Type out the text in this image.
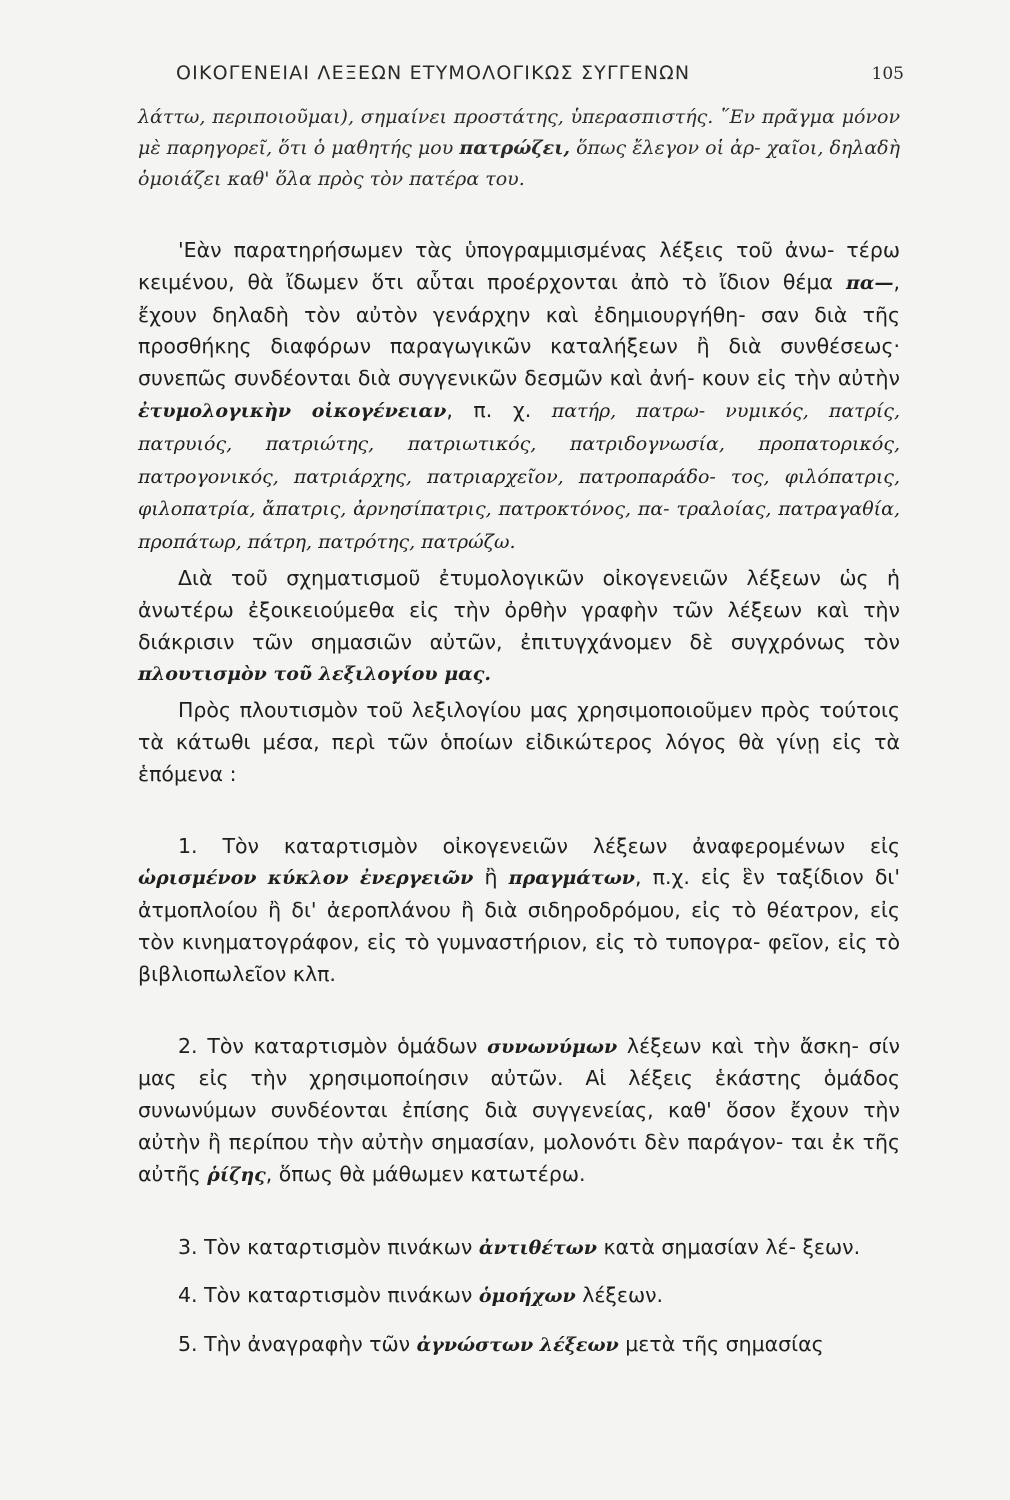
ΟΙΚΟΓΕΝΕΙΑΙ ΛΕΞΕΩΝ ΕΤΥΜΟΛΟΓΙΚΩΣ ΣΥΓΓΕΝΩΝ	105
λάττω, περιποιοῦμαι), σημαίνει προστάτης, ὑπερασπιστής. ῞Εν πρᾶγμα μόνον μὲ παρηγορεῖ, ὅτι ὁ μαθητής μου πατρώζει, ὅπως ἔλεγον οἱ ἀρ- χαῖοι, δηλαδὴ ὁμοιάζει καθ' ὅλα πρὸς τὸν πατέρα του.
'Εὰν παρατηρήσωμεν τὰς ὑπογραμμισμένας λέξεις τοῦ ἀνω- τέρω κειμένου, θὰ ἴδωμεν ὅτι αὗται προέρχονται ἀπὸ τὸ ἴδιον θέμα πα—, ἔχουν δηλαδὴ τὸν αὐτὸν γενάρχην καὶ ἐδημιουργήθη- σαν διὰ τῆς προσθήκης διαφόρων παραγωγικῶν καταλήξεων ἢ διὰ συνθέσεως· συνεπῶς συνδέονται διὰ συγγενικῶν δεσμῶν καὶ ἀνή- κουν εἰς τὴν αὐτὴν ἐτυμολογικὴν οἰκογένειαν, π. χ. πατήρ, πατρω- νυμικός, πατρίς, πατρυιός, πατριώτης, πατριωτικός, πατριδογνωσία, προπατορικός, πατρογονικός, πατριάρχης, πατριαρχεῖον, πατροπαράδο- τος, φιλόπατρις, φιλοπατρία, ἄπατρις, ἀρνησίπατρις, πατροκτόνος, πα- τραλοίας, πατραγαθία, προπάτωρ, πάτρη, πατρότης, πατρώζω.
Διὰ τοῦ σχηματισμοῦ ἐτυμολογικῶν οἰκογενειῶν λέξεων ὡς ἡ ἀνωτέρω ἐξοικειούμεθα εἰς τὴν ὀρθὴν γραφὴν τῶν λέξεων καὶ τὴν διάκρισιν τῶν σημασιῶν αὐτῶν, ἐπιτυγχάνομεν δὲ συγχρόνως τὸν πλουτισμὸν τοῦ λεξιλογίου μας.
Πρὸς πλουτισμὸν τοῦ λεξιλογίου μας χρησιμοποιοῦμεν πρὸς τούτοις τὰ κάτωθι μέσα, περὶ τῶν ὁποίων εἰδικώτερος λόγος θὰ γίνῃ εἰς τὰ ἑπόμενα :
1. Τὸν καταρτισμὸν οἰκογενειῶν λέξεων ἀναφερομένων εἰς ὡρισμένον κύκλον ἐνεργειῶν ἢ πραγμάτων, π.χ. εἰς ἓν ταξίδιον δι' ἀτμοπλοίου ἢ δι' ἀεροπλάνου ἢ διὰ σιδηροδρόμου, εἰς τὸ θέατρον, εἰς τὸν κινηματογράφον, εἰς τὸ γυμναστήριον, εἰς τὸ τυπογρα- φεῖον, εἰς τὸ βιβλιοπωλεῖον κλπ.
2. Τὸν καταρτισμὸν ὁμάδων συνωνύμων λέξεων καὶ τὴν ἄσκη- σίν μας εἰς τὴν χρησιμοποίησιν αὐτῶν. Αἱ λέξεις ἑκάστης ὁμάδος συνωνύμων συνδέονται ἐπίσης διὰ συγγενείας, καθ' ὅσον ἔχουν τὴν αὐτὴν ἢ περίπου τὴν αὐτὴν σημασίαν, μολονότι δὲν παράγον- ται ἐκ τῆς αὐτῆς ῥίζης, ὅπως θὰ μάθωμεν κατωτέρω.
3. Τὸν καταρτισμὸν πινάκων ἀντιθέτων κατὰ σημασίαν λέ- ξεων.
4. Τὸν καταρτισμὸν πινάκων ὁμοήχων λέξεων.
5. Τὴν ἀναγραφὴν τῶν ἀγνώστων λέξεων μετὰ τῆς σημασίας
